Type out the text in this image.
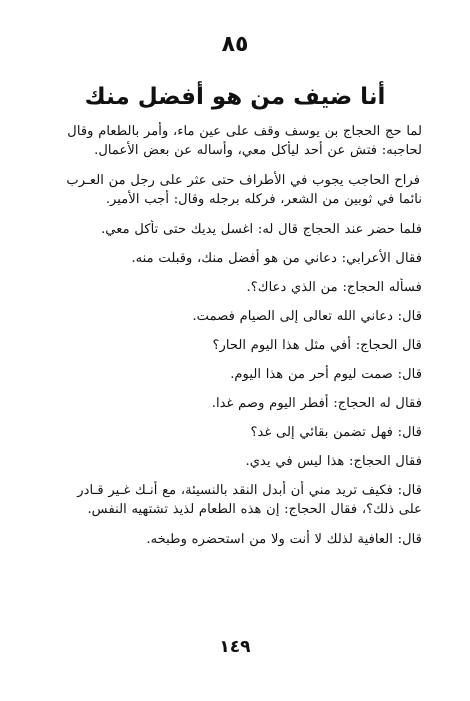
٨٥
أنا ضيف من هو أفضل منك
لما حج الحجاج بن يوسف وقف على عين ماء، وأمر بالطعام وقال
لحاجبه: فتش عن أحد ليأكل معي، وأساله عن بعض الأعمال.
فراح الحاجب يجوب في الأطراف حتى عثر على رجل من العـرب
نائما في ثوبين من الشعر، فركله برجله وقال: أجب الأمير.
فلما حضر عند الحجاج قال له: اغسل يديك حتى تأكل معي.
فقال الأعرابي: دعاني من هو أفضل منك، وقبلت منه.
فسأله الحجاج: من الذي دعاك؟.
قال: دعاني الله تعالى إلى الصيام فصمت.
قال الحجاج: أفي مثل هذا اليوم الحار؟
قال: صمت ليوم أحر من هذا اليوم.
فقال له الحجاج: أفطر اليوم وصم غدا.
قال: فهل تضمن بقائي إلى غد؟
فقال الحجاج: هذا ليس في يدي.
قال: فكيف تريد مني أن أبدل النقد بالنسيئة، مع أنـك غـير قـادر
على ذلك؟، فقال الحجاج: إن هذه الطعام لذيذ تشتهيه النفس.
قال: العافية لذلك لا أنت ولا من استحضره وطبخه.
١٤٩
